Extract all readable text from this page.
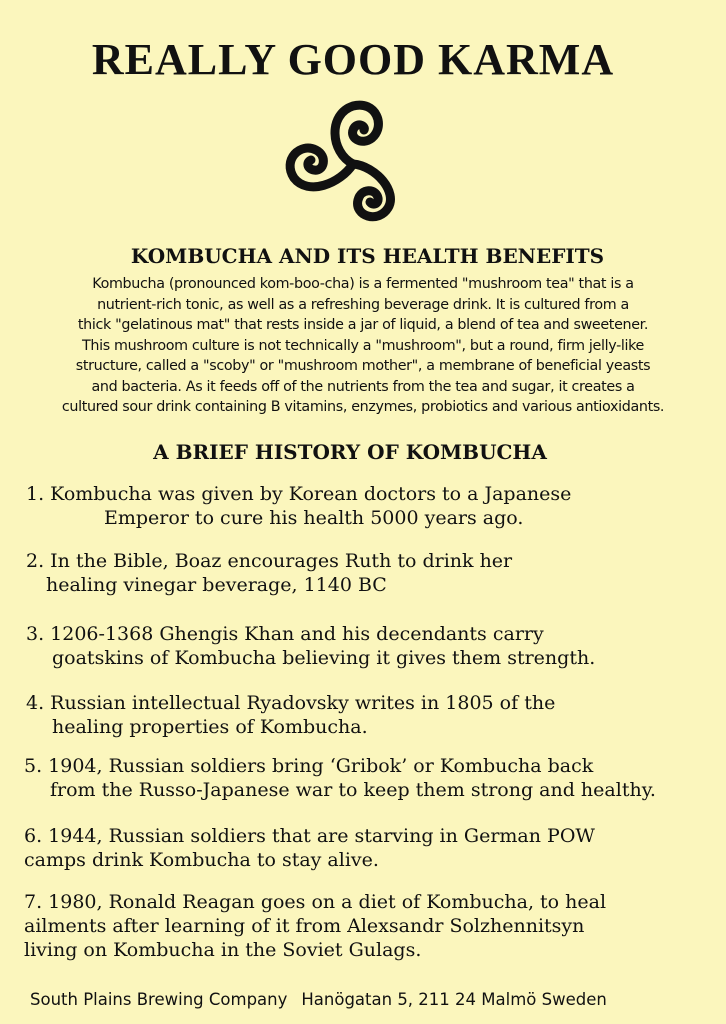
REALLY GOOD KARMA
KOMBUCHA AND ITS HEALTH BENEFITS

Kombucha (pronounced kom-boo-cha) is a fermented "mushroom tea" that is a
nutrient-rich tonic, as well as a refreshing beverage drink. It is cultured from a
thick "gelatinous mat" that rests inside a jar of liquid, a blend of tea and sweetener.
This mushroom culture is not technically a "mushroom", but a round, firm jelly-like
structure, called a "scoby" or "mushroom mother", a membrane of beneficial yeasts
and bacteria. As it feeds off of the nutrients from the tea and sugar, it creates a
cultured sour drink containing B vitamins, enzymes, probiotics and various antioxidants.

A BRIEF HISTORY OF KOMBUCHA
1. Kombucha was given by Korean doctors to a Japanese
Emperor to cure his health 5000 years ago.
2. In the Bible, Boaz encourages Ruth to drink her
healing vinegar beverage, 1140 BC
3. 1206-1368 Ghengis Khan and his decendants carry
goatskins of Kombucha believing it gives them strength.
4. Russian intellectual Ryadovsky writes in 1805 of the
healing properties of Kombucha.
5. 1904, Russian soldiers bring ‘Gribok’ or Kombucha back
from the Russo-Japanese war to keep them strong and healthy.
6. 1944, Russian soldiers that are starving in German POW
camps drink Kombucha to stay alive.
7. 1980, Ronald Reagan goes on a diet of Kombucha, to heal
ailments after learning of it from Alexsandr Solzhennitsyn
living on Kombucha in the Soviet Gulags.
South Plains Brewing Company Hanögatan 5, 211 24 Malmö Sweden
